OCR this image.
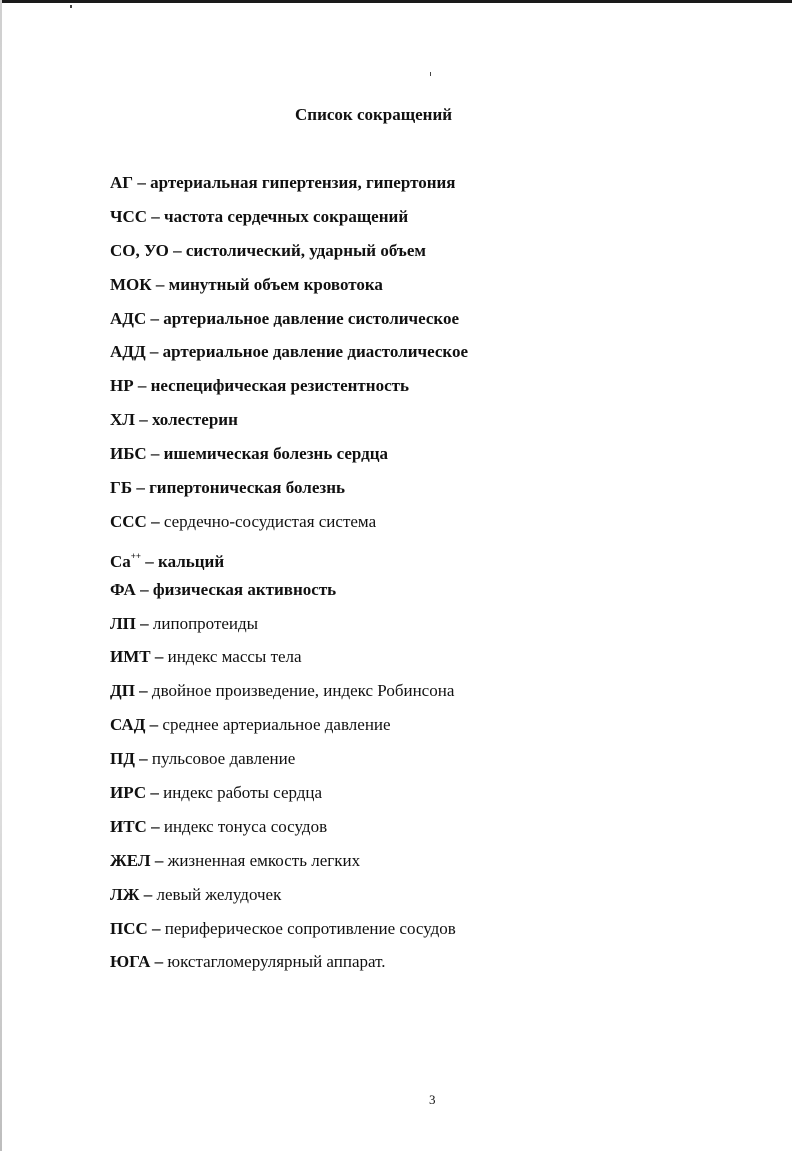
Список сокращений
АГ – артериальная гипертензия, гипертония
ЧСС – частота сердечных сокращений
СО, УО – систолический, ударный объем
МОК – минутный объем кровотока
АДС – артериальное давление систолическое
АДД – артериальное давление диастолическое
НР – неспецифическая резистентность
ХЛ – холестерин
ИБС – ишемическая болезнь сердца
ГБ – гипертоническая болезнь
ССС – сердечно-сосудистая система
Ca++ – кальций
ФА – физическая активность
ЛП – липопротеиды
ИМТ – индекс массы тела
ДП – двойное произведение, индекс Робинсона
САД – среднее артериальное давление
ПД – пульсовое давление
ИРС – индекс работы сердца
ИТС – индекс тонуса сосудов
ЖЕЛ – жизненная емкость легких
ЛЖ – левый желудочек
ПСС – периферическое сопротивление сосудов
ЮГА – юкстагломерулярный аппарат.

3
